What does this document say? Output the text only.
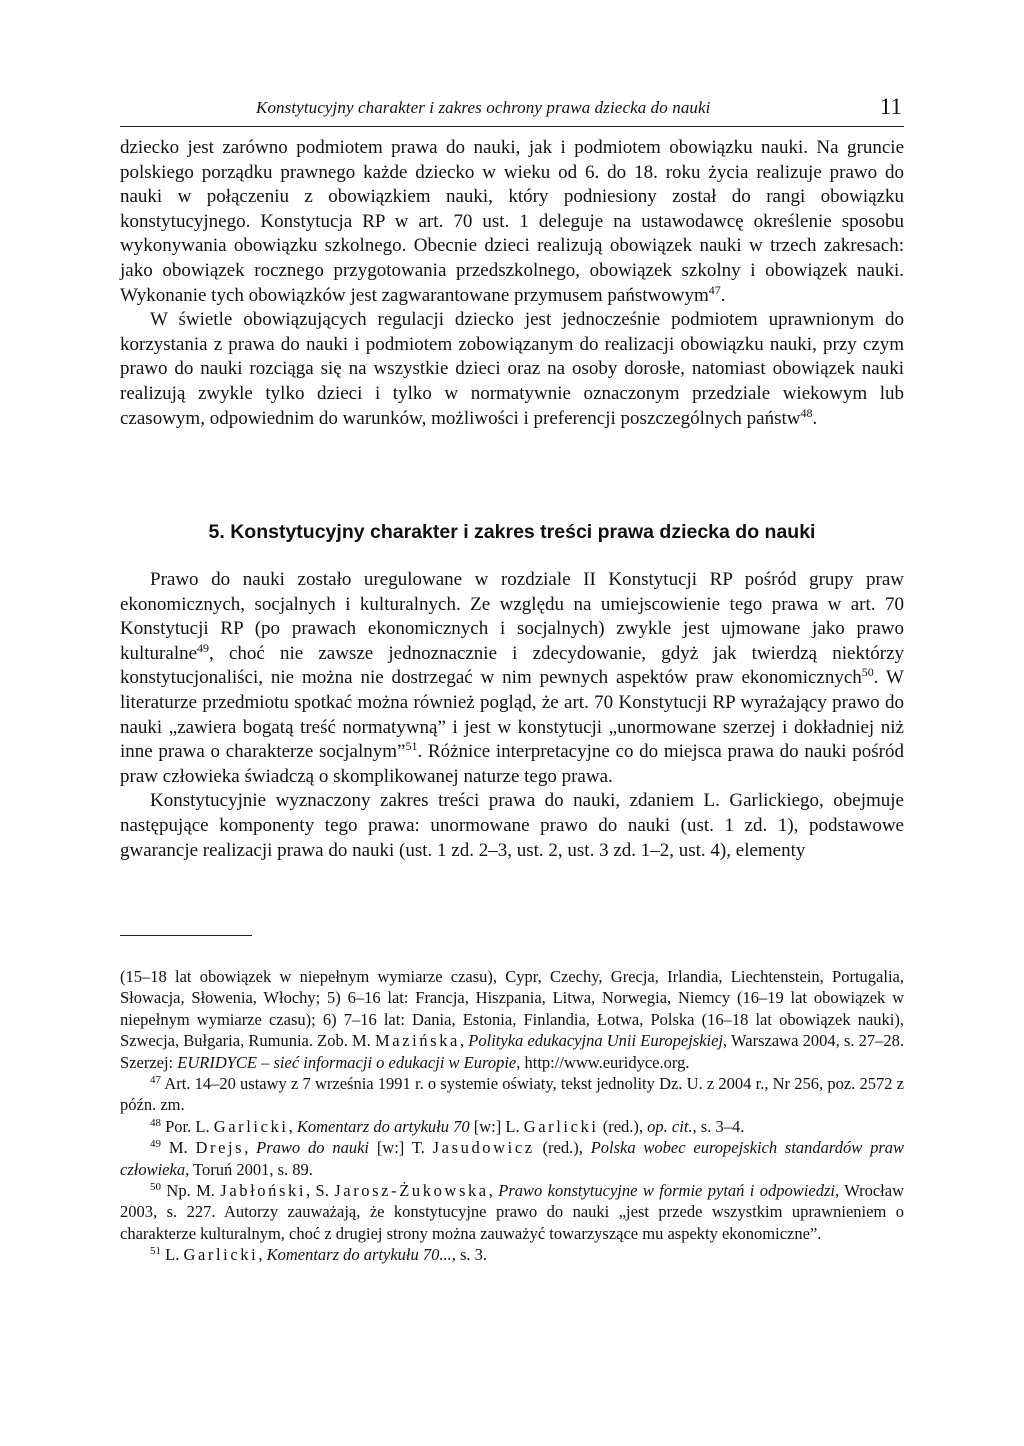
Konstytucyjny charakter i zakres ochrony prawa dziecka do nauki	11

dziecko jest zarówno podmiotem prawa do nauki, jak i podmiotem obowiązku nauki. Na gruncie polskiego porządku prawnego każde dziecko w wieku od 6. do 18. roku życia realizuje prawo do nauki w połączeniu z obowiązkiem nauki, który podniesiony został do rangi obowiązku konstytucyjnego. Konstytucja RP w art. 70 ust. 1 deleguje na ustawodawcę określenie sposobu wykonywania obowiązku szkolnego. Obecnie dzieci realizują obowiązek nauki w trzech zakresach: jako obowiązek rocznego przygotowania przedszkolnego, obowiązek szkolny i obowiązek nauki. Wykonanie tych obowiązków jest zagwarantowane przymusem państwowym$^{47}$.

W świetle obowiązujących regulacji dziecko jest jednocześnie podmiotem uprawnionym do korzystania z prawa do nauki i podmiotem zobowiązanym do realizacji obowiązku nauki, przy czym prawo do nauki rozciąga się na wszystkie dzieci oraz na osoby dorosłe, natomiast obowiązek nauki realizują zwykle tylko dzieci i tylko w normatywnie oznaczonym przedziale wiekowym lub czasowym, odpowiednim do warunków, możliwości i preferencji poszczególnych państw$^{48}$.

5. Konstytucyjny charakter i zakres treści prawa dziecka do nauki

Prawo do nauki zostało uregulowane w rozdziale II Konstytucji RP pośród grupy praw ekonomicznych, socjalnych i kulturalnych. Ze względu na umiejscowienie tego prawa w art. 70 Konstytucji RP (po prawach ekonomicznych i socjalnych) zwykle jest ujmowane jako prawo kulturalne$^{49}$, choć nie zawsze jednoznacznie i zdecydowanie, gdyż jak twierdzą niektórzy konstytucjonaliści, nie można nie dostrzegać w nim pewnych aspektów praw ekonomicznych$^{50}$. W literaturze przedmiotu spotkać można również pogląd, że art. 70 Konstytucji RP wyrażający prawo do nauki „zawiera bogatą treść normatywną” i jest w konstytucji „unormowane szerzej i dokładniej niż inne prawa o charakterze socjalnym”$^{51}$. Różnice interpretacyjne co do miejsca prawa do nauki pośród praw człowieka świadczą o skomplikowanej naturze tego prawa.

Konstytucyjnie wyznaczony zakres treści prawa do nauki, zdaniem L. Garlickiego, obejmuje następujące komponenty tego prawa: unormowane prawo do nauki (ust. 1 zd. 1), podstawowe gwarancje realizacji prawa do nauki (ust. 1 zd. 2–3, ust. 2, ust. 3 zd. 1–2, ust. 4), elementy

(15–18 lat obowiązek w niepełnym wymiarze czasu), Cypr, Czechy, Grecja, Irlandia, Liechtenstein, Portugalia, Słowacja, Słowenia, Włochy; 5) 6–16 lat: Francja, Hiszpania, Litwa, Norwegia, Niemcy (16–19 lat obowiązek w niepełnym wymiarze czasu); 6) 7–16 lat: Dania, Estonia, Finlandia, Łotwa, Polska (16–18 lat obowiązek nauki), Szwecja, Bułgaria, Rumunia. Zob. M. Mazińska, Polityka edukacyjna Unii Europejskiej, Warszawa 2004, s. 27–28. Szerzej: EURIDYCE – sieć informacji o edukacji w Europie, http://www.euridyce.org.

$^{47}$ Art. 14–20 ustawy z 7 września 1991 r. o systemie oświaty, tekst jednolity Dz. U. z 2004 r., Nr 256, poz. 2572 z późn. zm.

$^{48}$ Por. L. Garlicki, Komentarz do artykułu 70 [w:] L. Garlicki (red.), op. cit., s. 3–4.

$^{49}$ M. Drejs, Prawo do nauki [w:] T. Jasudowicz (red.), Polska wobec europejskich standardów praw człowieka, Toruń 2001, s. 89.

$^{50}$ Np. M. Jabłoński, S. Jarosz-Żukowska, Prawo konstytucyjne w formie pytań i odpowiedzi, Wrocław 2003, s. 227. Autorzy zauważają, że konstytucyjne prawo do nauki „jest przede wszystkim uprawnieniem o charakterze kulturalnym, choć z drugiej strony można zauważyć towarzyszące mu aspekty ekonomiczne”.

$^{51}$ L. Garlicki, Komentarz do artykułu 70..., s. 3.
